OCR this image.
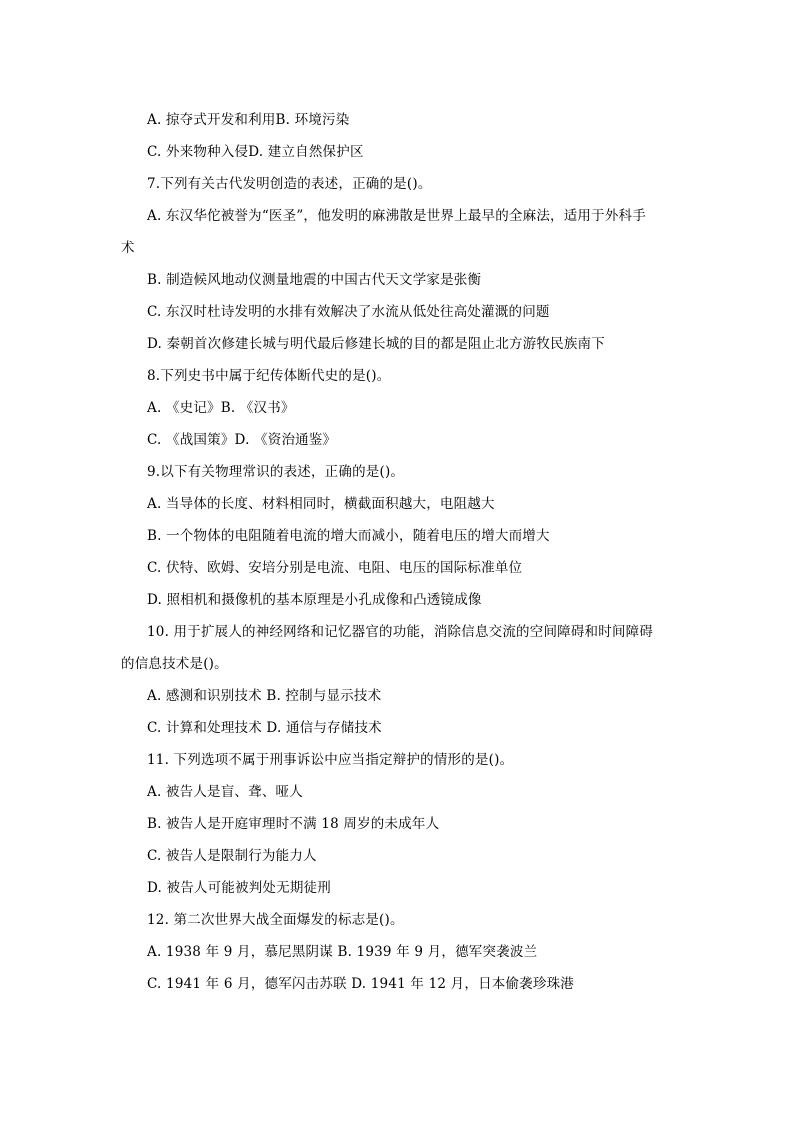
A. 掠夺式开发和利用B. 环境污染
C. 外来物种入侵D. 建立自然保护区
7.下列有关古代发明创造的表述，正确的是()。
A. 东汉华佗被誉为“医圣”，他发明的麻沸散是世界上最早的全麻法，适用于外科手
术
B. 制造候风地动仪测量地震的中国古代天文学家是张衡
C. 东汉时杜诗发明的水排有效解决了水流从低处往高处灌溉的问题
D. 秦朝首次修建长城与明代最后修建长城的目的都是阻止北方游牧民族南下
8.下列史书中属于纪传体断代史的是()。
A. 《史记》B. 《汉书》
C. 《战国策》D. 《资治通鉴》
9.以下有关物理常识的表述，正确的是()。
A. 当导体的长度、材料相同时，横截面积越大，电阻越大
B. 一个物体的电阻随着电流的增大而减小，随着电压的增大而增大
C. 伏特、欧姆、安培分别是电流、电阻、电压的国际标准单位
D. 照相机和摄像机的基本原理是小孔成像和凸透镜成像
10. 用于扩展人的神经网络和记忆器官的功能，消除信息交流的空间障碍和时间障碍
的信息技术是()。
A. 感测和识别技术 B. 控制与显示技术
C. 计算和处理技术 D. 通信与存储技术
11. 下列选项不属于刑事诉讼中应当指定辩护的情形的是()。
A. 被告人是盲、聋、哑人
B. 被告人是开庭审理时不满 18 周岁的未成年人
C. 被告人是限制行为能力人
D. 被告人可能被判处无期徒刑
12. 第二次世界大战全面爆发的标志是()。
A. 1938 年 9 月，慕尼黑阴谋 B. 1939 年 9 月，德军突袭波兰
C. 1941 年 6 月，德军闪击苏联 D. 1941 年 12 月，日本偷袭珍珠港
